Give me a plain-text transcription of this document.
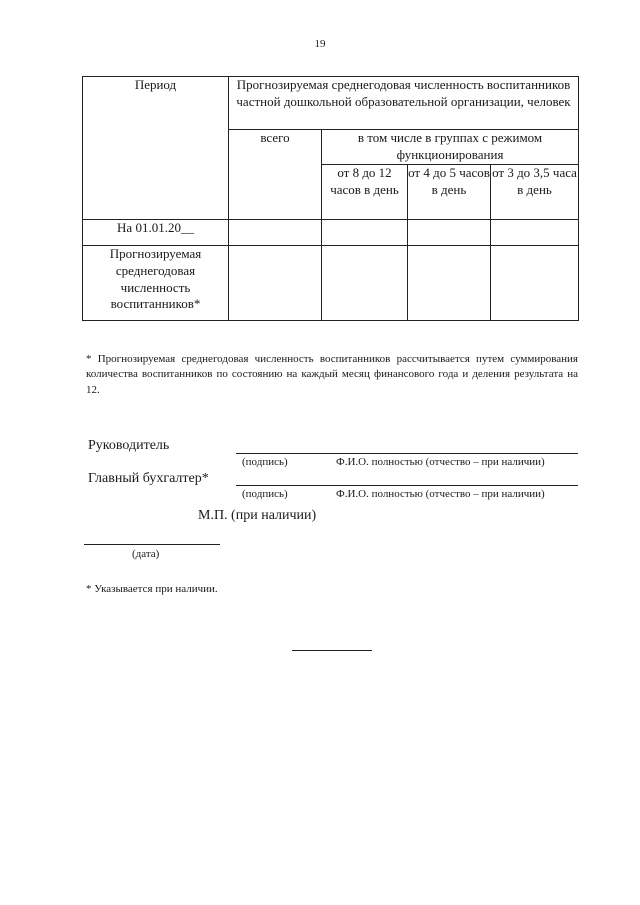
19
Период	Прогнозируемая среднегодовая численность воспитанников частной дошкольной образовательной организации, человек			
	всего	в том числе в группах с режимом функционирования		
		от 8 до 12 часов в день	от 4 до 5 часов в день	от 3 до 3,5 часа в день
На 01.01.20__				
Прогнозируемая среднегодовая численность воспитанников*				
* Прогнозируемая среднегодовая численность воспитанников рассчитывается путем суммирования количества воспитанников по состоянию на каждый месяц финансового года и деления результата на 12.
Руководитель
(подпись)	Ф.И.О. полностью (отчество – при наличии)
Главный бухгалтер*
(подпись)	Ф.И.О. полностью (отчество – при наличии)
М.П. (при наличии)
(дата)
* Указывается при наличии.
